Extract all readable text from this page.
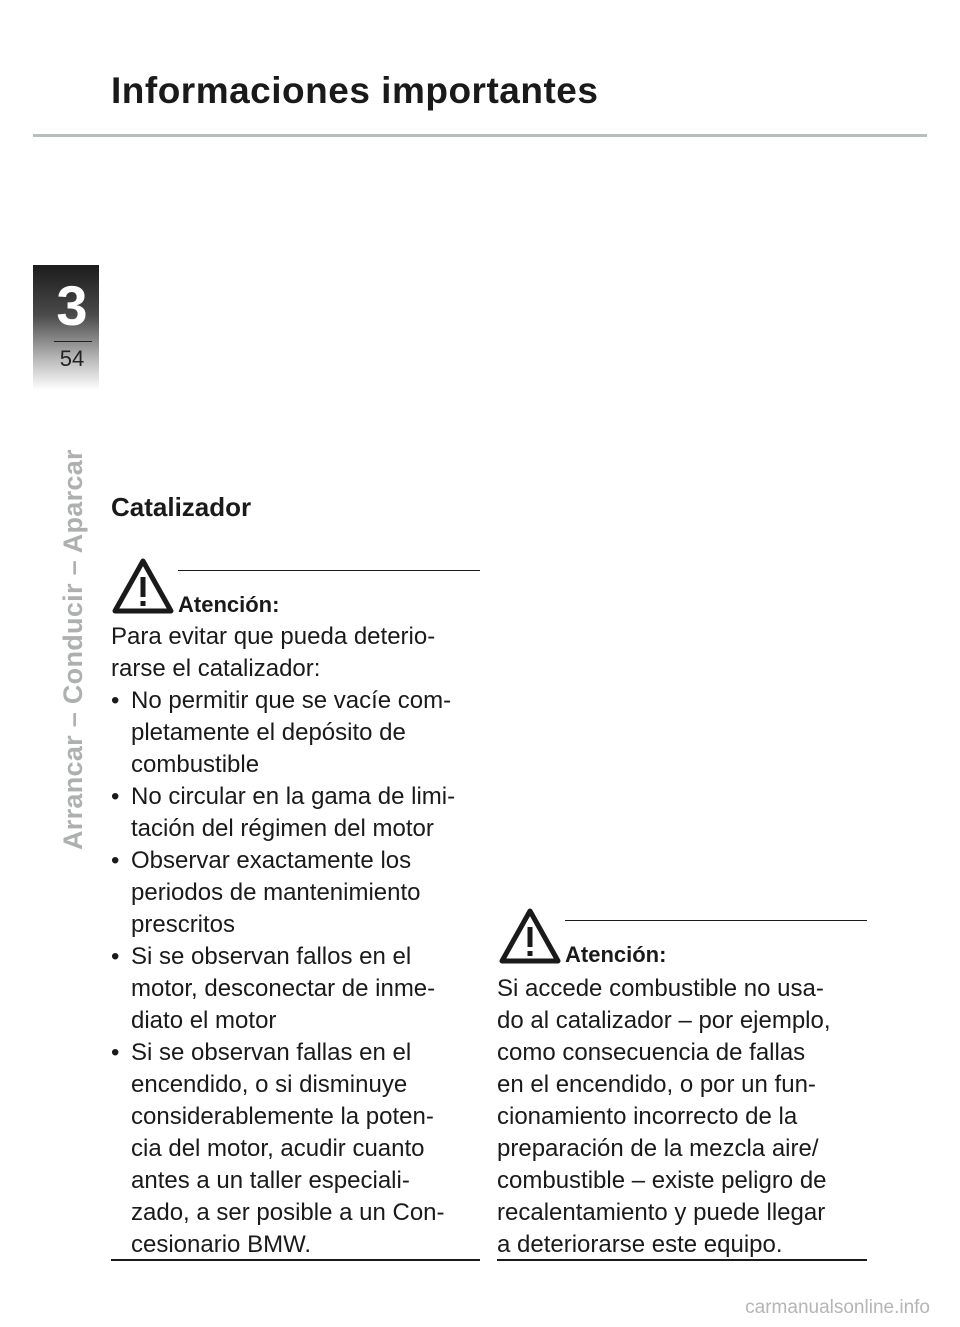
Informaciones importantes
3
54
Arrancar – Conducir – Aparcar Catalizador
Atención:
Para evitar que pueda deterio-
rarse el catalizador:
• No permitir que se vacíe com-
pletamente el depósito de
combustible
• No circular en la gama de limi-
tación del régimen del motor
• Observar exactamente los
periodos de mantenimiento
prescritos
• Si se observan fallos en el
motor, desconectar de inme-
diato el motor
• Si se observan fallas en el
encendido, o si disminuye
considerablemente la poten-
cia del motor, acudir cuanto
antes a un taller especiali-
zado, a ser posible a un Con-
cesionario BMW.
Atención:
Si accede combustible no usa-
do al catalizador – por ejemplo,
como consecuencia de fallas
en el encendido, o por un fun-
cionamiento incorrecto de la
preparación de la mezcla aire/
combustible – existe peligro de
recalentamiento y puede llegar
a deteriorarse este equipo.
carmanualsonline.info
